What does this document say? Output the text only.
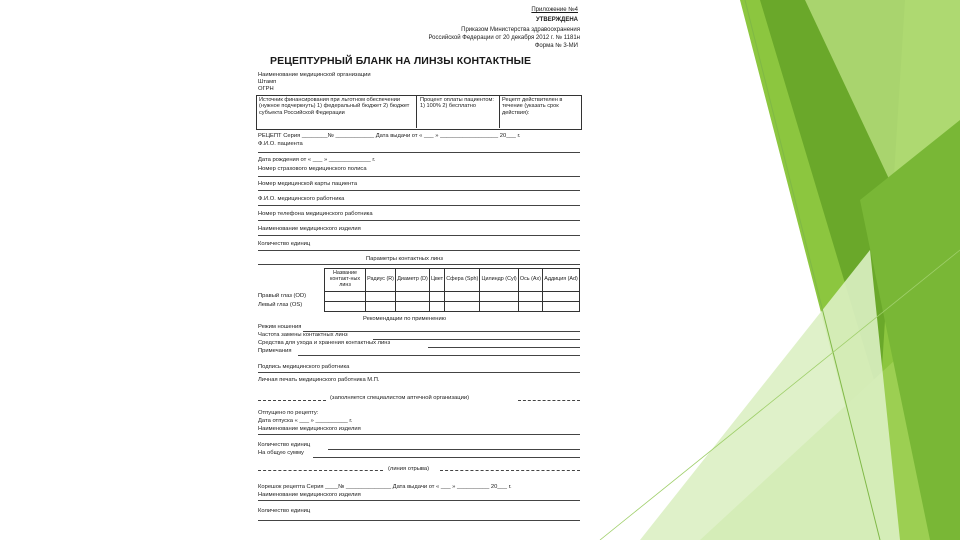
Приложение №4
УТВЕРЖДЕНА
Приказом Министерства здравоохранения
Российской Федерации от 20 декабря 2012 г. № 1181н
Форма № 3-МИ
РЕЦЕПТУРНЫЙ БЛАНК НА ЛИНЗЫ КОНТАКТНЫЕ
Наименование медицинской организации
Штамп
ОГРН
Источник финансирования при льготном обеспечении (нужное подчеркнуть) 1) федеральный бюджет 2) бюджет субъекта Российской Федерации
Процент оплаты пациентом: 1) 100% 2) бесплатно
Рецепт действителен в течение (указать срок действия):
РЕЦЕПТ Серия ________№ ____________ Дата выдачи от « ___ » __________________ 20___ г.
Ф.И.О. пациента
Дата рождения от « ___ » _____________ г.
Номер страхового медицинского полиса
Номер медицинской карты пациента
Ф.И.О. медицинского работника
Номер телефона медицинского работника
Наименование медицинского изделия
Количество единиц
Параметры контактных линз
Название контакт-ных линз	Радиус (R)	Диаметр (D)	Цвет	Сфера (Sph)	Цилиндр (Cyl)	Ось (Ax)	Аддиция (Ad)

Правый глаз (OD)
Левый глаз (OS)
Рекомендации по применению
Режим ношения
Частота замены контактных линз
Средства для ухода и хранения контактных линз
Примечания
Подпись медицинского работника
Личная печать медицинского работника М.П.
(заполняется специалистом аптечной организации)
Отпущено по рецепту:
Дата отпуска « ___ » __________ г.
Наименование медицинского изделия
Количество единиц
На общую сумму
(линия отрыва)
Корешок рецепта Серия ____№ ______________ Дата выдачи от « ___ » __________ 20___ г.
Наименование медицинского изделия
Количество единиц
